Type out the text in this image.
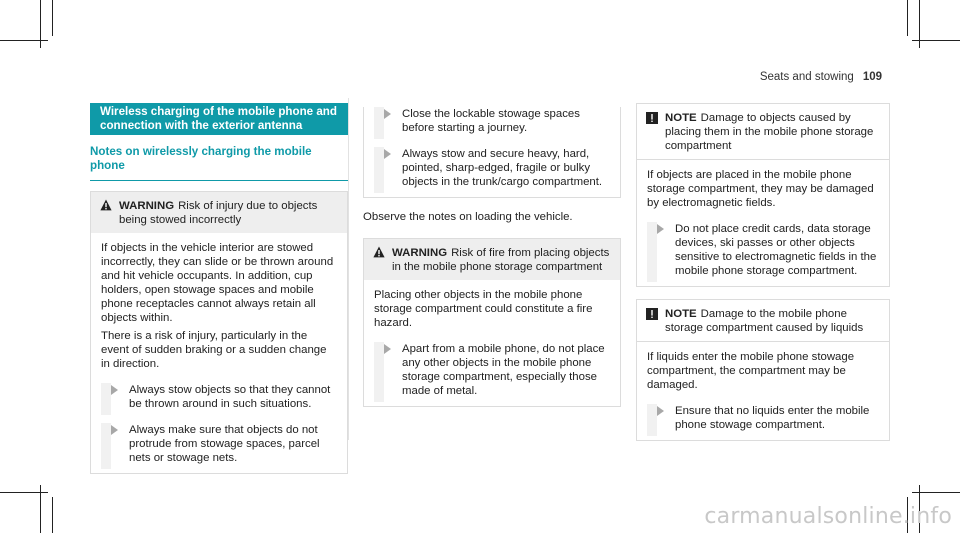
Seats and stowing 109
Wireless charging of the mobile phone and connection with the exterior antenna
Notes on wirelessly charging the mobile phone
WARNING Risk of injury due to objects being stowed incorrectly

If objects in the vehicle interior are stowed incorrectly, they can slide or be thrown around and hit vehicle occupants. In addition, cup holders, open stowage spaces and mobile phone receptacles cannot always retain all objects within.

There is a risk of injury, particularly in the event of sudden braking or a sudden change in direction.

Always stow objects so that they cannot be thrown around in such situations.

Always make sure that objects do not protrude from stowage spaces, parcel nets or stowage nets.

Close the lockable stowage spaces before starting a journey.

Always stow and secure heavy, hard, pointed, sharp-edged, fragile or bulky objects in the trunk/cargo compartment.

Observe the notes on loading the vehicle.

WARNING Risk of fire from placing objects in the mobile phone storage compartment

Placing other objects in the mobile phone storage compartment could constitute a fire hazard.

Apart from a mobile phone, do not place any other objects in the mobile phone storage compartment, especially those made of metal.

NOTE Damage to objects caused by placing them in the mobile phone storage compartment

If objects are placed in the mobile phone storage compartment, they may be damaged by electromagnetic fields.

Do not place credit cards, data storage devices, ski passes or other objects sensitive to electromagnetic fields in the mobile phone storage compartment.

NOTE Damage to the mobile phone storage compartment caused by liquids

If liquids enter the mobile phone stowage compartment, the compartment may be damaged.

Ensure that no liquids enter the mobile phone stowage compartment.

carmanualsonline.info
